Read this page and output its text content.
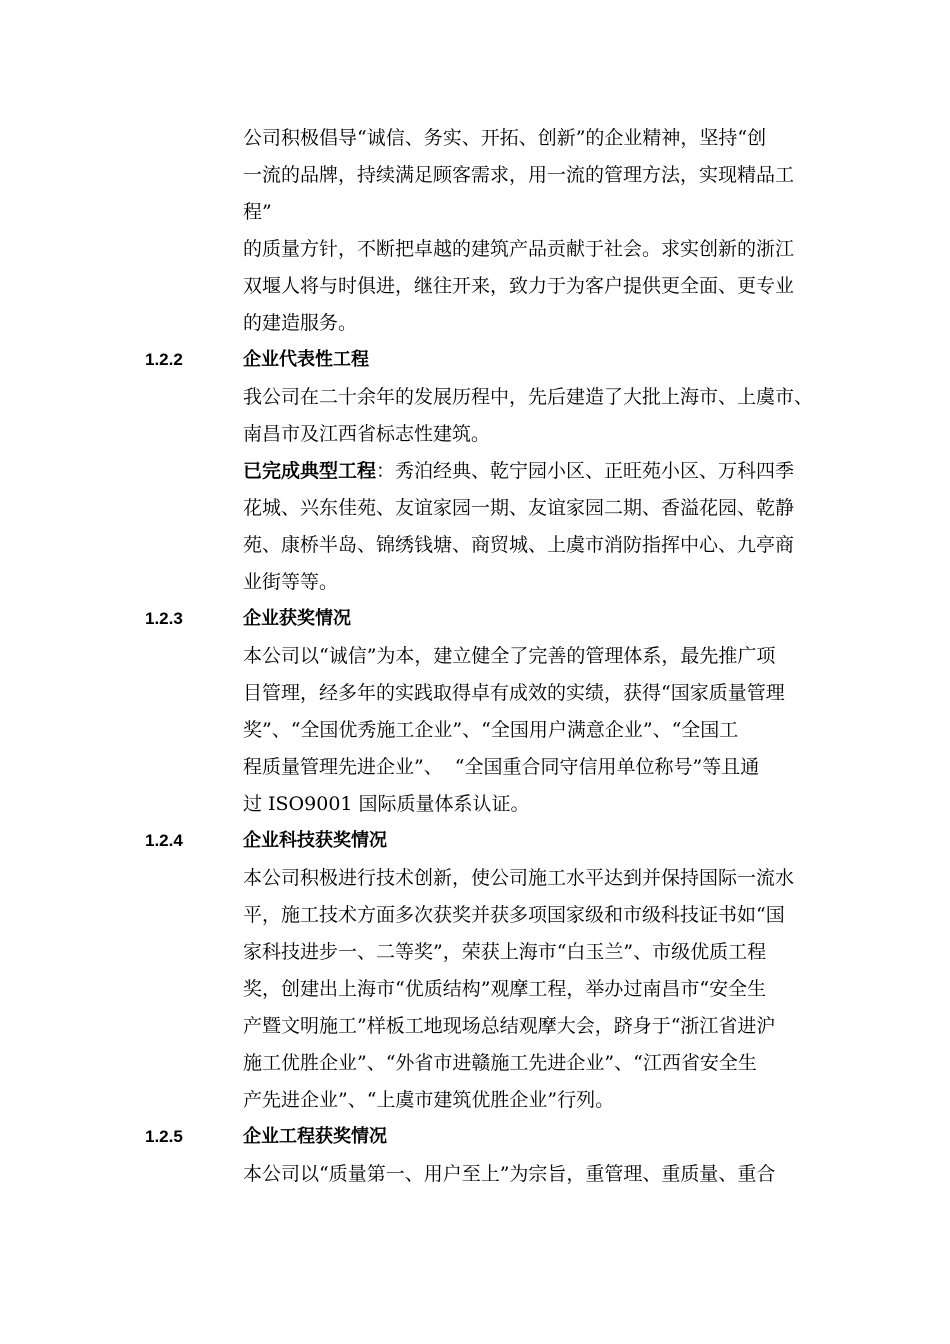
公司积极倡导“诚信、务实、开拓、创新”的企业精神，坚持“创
一流的品牌，持续满足顾客需求，用一流的管理方法，实现精品工
程”
的质量方针，不断把卓越的建筑产品贡献于社会。求实创新的浙江
双堰人将与时俱进，继往开来，致力于为客户提供更全面、更专业
的建造服务。
1.2.2	企业代表性工程
我公司在二十余年的发展历程中，先后建造了大批上海市、上虞市、
南昌市及江西省标志性建筑。
已完成典型工程：秀泊经典、乾宁园小区、正旺苑小区、万科四季
花城、兴东佳苑、友谊家园一期、友谊家园二期、香溢花园、乾静
苑、康桥半岛、锦绣钱塘、商贸城、上虞市消防指挥中心、九亭商
业街等等。
1.2.3	企业获奖情况
本公司以“诚信”为本，建立健全了完善的管理体系，最先推广项
目管理，经多年的实践取得卓有成效的实绩，获得“国家质量管理
奖”、“全国优秀施工企业”、“全国用户满意企业”、“全国工
程质量管理先进企业”、  “全国重合同守信用单位称号”等且通
过 ISO9001 国际质量体系认证。
1.2.4	企业科技获奖情况
本公司积极进行技术创新，使公司施工水平达到并保持国际一流水
平，施工技术方面多次获奖并获多项国家级和市级科技证书如“国
家科技进步一、二等奖”，荣获上海市“白玉兰”、市级优质工程
奖，创建出上海市“优质结构”观摩工程，举办过南昌市“安全生
产暨文明施工”样板工地现场总结观摩大会，跻身于“浙江省进沪
施工优胜企业”、“外省市进赣施工先进企业”、“江西省安全生
产先进企业”、“上虞市建筑优胜企业”行列。
1.2.5	企业工程获奖情况
本公司以“质量第一、用户至上”为宗旨，重管理、重质量、重合
